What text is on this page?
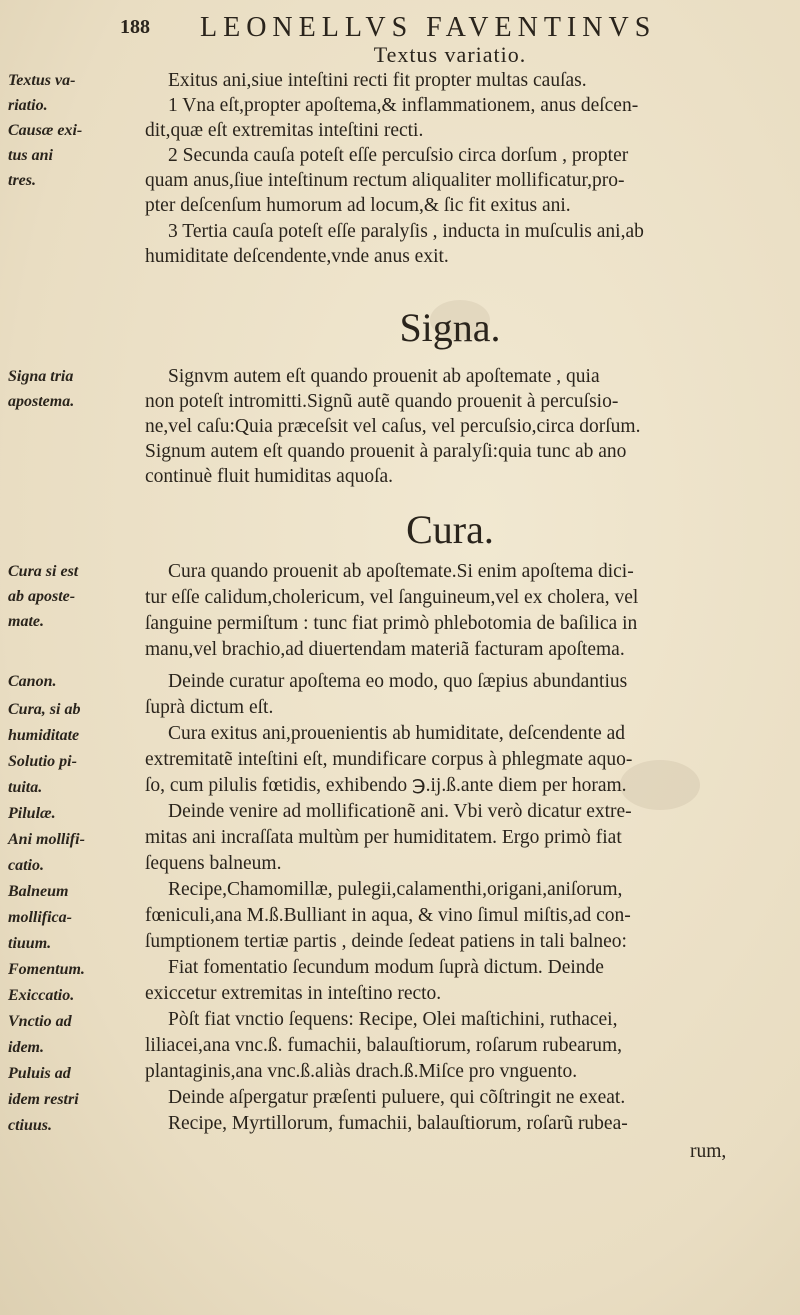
188 LEONELLVS FAVENTINVS
Textus variatio.
Signa.
Cura.
Textus va-
riatio.
Causæ exi-
tus ani
tres.
Signa tria
apostema.
Cura si est
ab aposte-
mate.
Canon.
Cura, si ab
humiditate
Solutio pi-
tuita.
Pilulæ.
Ani mollifi-
catio.
Balneum
mollifica-
tiuum.
Fomentum.
Exiccatio.
Vnctio ad
idem.
Puluis ad
idem restri
ctiuus.
Exitus ani,siue inteſtini recti fit propter multas cauſas.
1 Vna eſt,propter apoſtema,& inflammationem, anus deſcen-
dit,quæ eſt extremitas inteſtini recti.
2 Secunda cauſa poteſt eſſe percuſsio circa dorſum , propter
quam anus,ſiue inteſtinum rectum aliqualiter mollificatur,pro-
pter deſcenſum humorum ad locum,& ſic fit exitus ani.
3 Tertia cauſa poteſt eſſe paralyſis , inducta in muſculis ani,ab
humiditate deſcendente,vnde anus exit.
Signvm autem eſt quando prouenit ab apoſtemate , quia
non poteſt intromitti.Signũ autẽ quando prouenit à percuſsio-
ne,vel caſu:Quia præceſsit vel caſus, vel percuſsio,circa dorſum.
Signum autem eſt quando prouenit à paralyſi:quia tunc ab ano
continuè fluit humiditas aquoſa.
Cura quando prouenit ab apoſtemate.Si enim apoſtema dici-
tur eſſe calidum,cholericum, vel ſanguineum,vel ex cholera, vel
ſanguine permiſtum : tunc fiat primò phlebotomia de baſilica in
manu,vel brachio,ad diuertendam materiã facturam apoſtema.
Deinde curatur apoſtema eo modo, quo ſæpius abundantius
ſuprà dictum eſt.
Cura exitus ani,prouenientis ab humiditate, deſcendente ad
extremitatẽ inteſtini eſt, mundificare corpus à phlegmate aquo-
ſo, cum pilulis fœtidis, exhibendo ℈.ij.ß.ante diem per horam.
Deinde venire ad mollificationẽ ani. Vbi verò dicatur extre-
mitas ani incraſſata multùm per humiditatem. Ergo primò fiat
ſequens balneum.
Recipe,Chamomillæ, pulegii,calamenthi,origani,aniſorum,
fœniculi,ana M.ß.Bulliant in aqua, & vino ſimul miſtis,ad con-
ſumptionem tertiæ partis , deinde ſedeat patiens in tali balneo:
Fiat fomentatio ſecundum modum ſuprà dictum. Deinde
exiccetur extremitas in inteſtino recto.
Pòſt fiat vnctio ſequens: Recipe, Olei maſtichini, ruthacei,
liliacei,ana vnc.ß. fumachii, balauſtiorum, roſarum rubearum,
plantaginis,ana vnc.ß.aliàs drach.ß.Miſce pro vnguento.
Deinde aſpergatur præſenti puluere, qui cõſtringit ne exeat.
Recipe, Myrtillorum, fumachii, balauſtiorum, roſarũ rubea-
rum,
